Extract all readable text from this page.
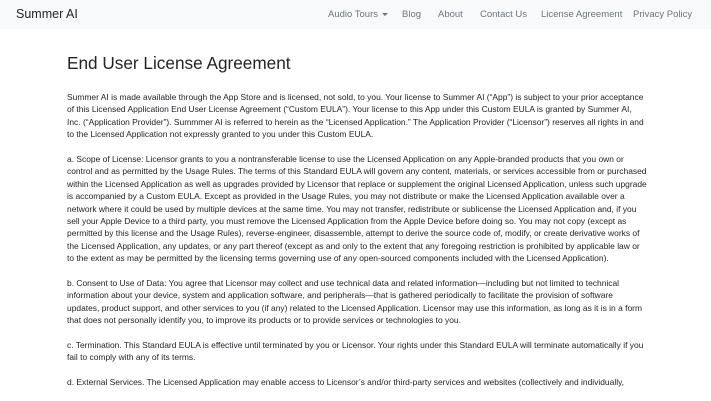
Summer AI	Audio Tours	Blog About Contact Us License Agreement Privacy Policy
End User License Agreement

Summer AI is made available through the App Store and is licensed, not sold, to you. Your license to Summer AI (“App”) is subject to your prior acceptance of this Licensed Application End User License Agreement (“Custom EULA”). Your license to this App under this Custom EULA is granted by Summer AI, Inc. (“Application Provider”). Summmer AI is referred to herein as the “Licensed Application.” The Application Provider (“Licensor”) reserves all rights in and to the Licensed Application not expressly granted to you under this Custom EULA.

a. Scope of License: Licensor grants to you a nontransferable license to use the Licensed Application on any Apple-branded products that you own or control and as permitted by the Usage Rules. The terms of this Standard EULA will govern any content, materials, or services accessible from or purchased within the Licensed Application as well as upgrades provided by Licensor that replace or supplement the original Licensed Application, unless such upgrade is accompanied by a Custom EULA. Except as provided in the Usage Rules, you may not distribute or make the Licensed Application available over a network where it could be used by multiple devices at the same time. You may not transfer, redistribute or sublicense the Licensed Application and, if you sell your Apple Device to a third party, you must remove the Licensed Application from the Apple Device before doing so. You may not copy (except as permitted by this license and the Usage Rules), reverse-engineer, disassemble, attempt to derive the source code of, modify, or create derivative works of the Licensed Application, any updates, or any part thereof (except as and only to the extent that any foregoing restriction is prohibited by applicable law or to the extent as may be permitted by the licensing terms governing use of any open-sourced components included with the Licensed Application).

b. Consent to Use of Data: You agree that Licensor may collect and use technical data and related information—including but not limited to technical information about your device, system and application software, and peripherals—that is gathered periodically to facilitate the provision of software updates, product support, and other services to you (if any) related to the Licensed Application. Licensor may use this information, as long as it is in a form that does not personally identify you, to improve its products or to provide services or technologies to you.

c. Termination. This Standard EULA is effective until terminated by you or Licensor. Your rights under this Standard EULA will terminate automatically if you fail to comply with any of its terms.

d. External Services. The Licensed Application may enable access to Licensor’s and/or third-party services and websites (collectively and individually,
